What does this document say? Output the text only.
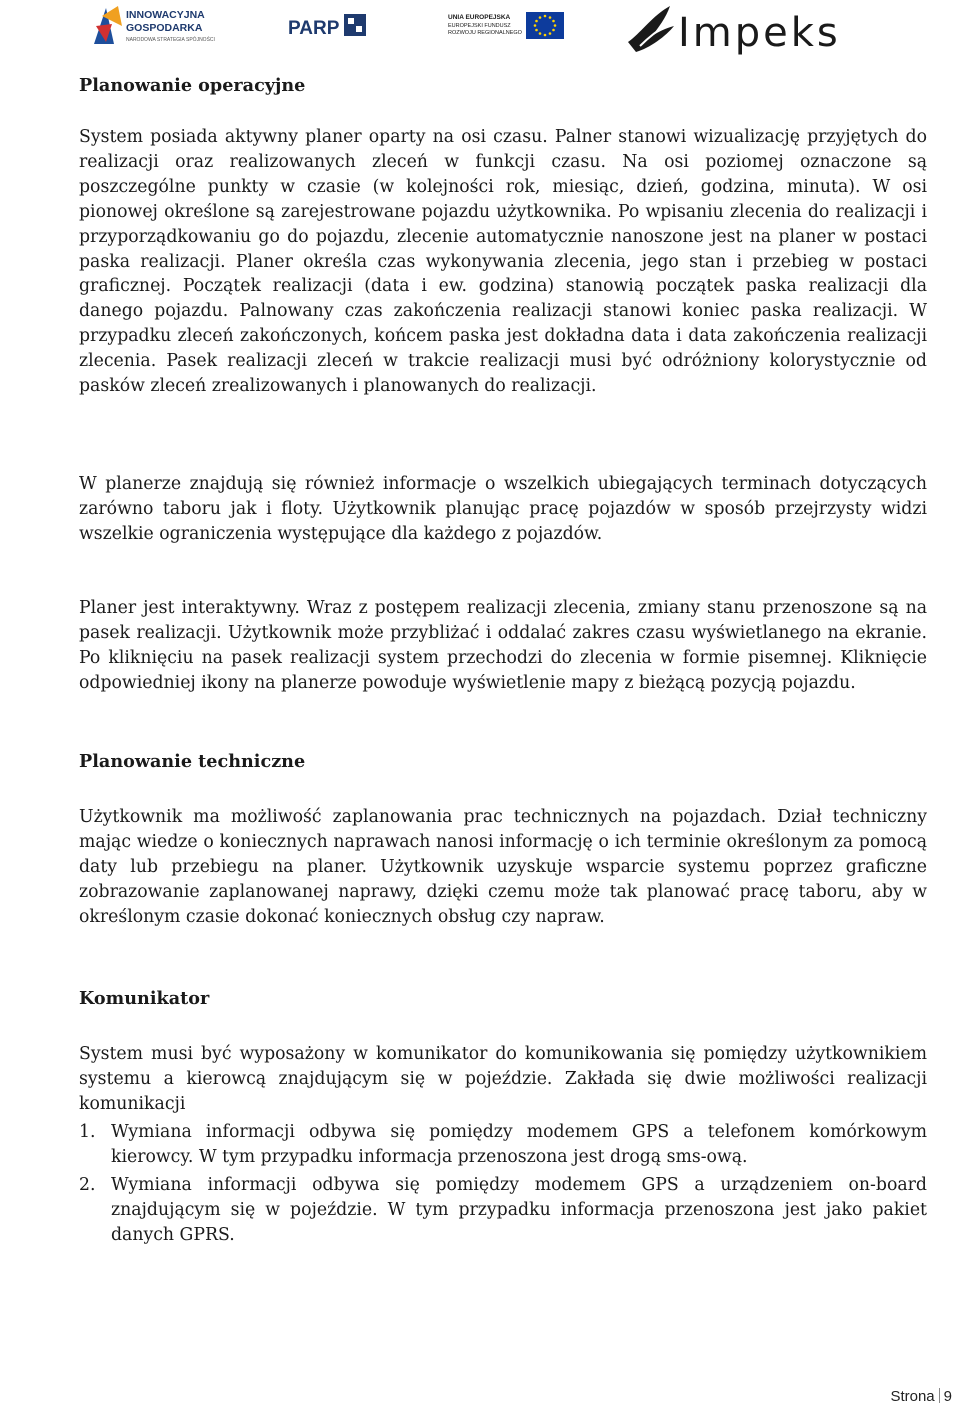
INNOWACYJNA
GOSPODARKA
NARODOWA STRATEGIA SPÓJNOŚCI
PARP
UNIA EUROPEJSKA
EUROPEJSKI FUNDUSZ
ROZWOJU REGIONALNEGO	Impeks
Planowanie operacyjne

System posiada aktywny planer oparty na osi czasu. Palner stanowi wizualizację przyjętych do realizacji oraz realizowanych zleceń w funkcji czasu. Na osi poziomej oznaczone są poszczególne punkty w czasie (w kolejności rok, miesiąc, dzień, godzina, minuta). W osi pionowej określone są zarejestrowane pojazdu użytkownika. Po wpisaniu zlecenia do realizacji i przyporządkowaniu go do pojazdu, zlecenie automatycznie nanoszone jest na planer w postaci paska realizacji. Planer określa czas wykonywania zlecenia, jego stan i przebieg w postaci graficznej. Początek realizacji (data i ew. godzina) stanowią początek paska realizacji dla danego pojazdu. Palnowany czas zakończenia realizacji stanowi koniec paska realizacji. W przypadku zleceń zakończonych, końcem paska jest dokładna data i data zakończenia realizacji zlecenia. Pasek realizacji zleceń w trakcie realizacji musi być odróżniony kolorystycznie od pasków zleceń zrealizowanych i planowanych do realizacji.

W planerze znajdują się również informacje o wszelkich ubiegających terminach dotyczących zarówno taboru jak i floty. Użytkownik planując pracę pojazdów w sposób przejrzysty widzi wszelkie ograniczenia występujące dla każdego z pojazdów.

Planer jest interaktywny. Wraz z postępem realizacji zlecenia, zmiany stanu przenoszone są na pasek realizacji. Użytkownik może przybliżać i oddalać zakres czasu wyświetlanego na ekranie. Po kliknięciu na pasek realizacji system przechodzi do zlecenia w formie pisemnej. Kliknięcie odpowiedniej ikony na planerze powoduje wyświetlenie mapy z bieżącą pozycją pojazdu.

Planowanie techniczne

Użytkownik ma możliwość zaplanowania prac technicznych na pojazdach. Dział techniczny mając wiedze o koniecznych naprawach nanosi informację o ich terminie określonym za pomocą daty lub przebiegu na planer. Użytkownik uzyskuje wsparcie systemu poprzez graficzne zobrazowanie zaplanowanej naprawy, dzięki czemu może tak planować pracę taboru, aby w określonym czasie dokonać koniecznych obsług czy napraw.

Komunikator

System musi być wyposażony w komunikator do komunikowania się pomiędzy użytkownikiem systemu a kierowcą znajdującym się w pojeździe. Zakłada się dwie możliwości realizacji komunikacji

1. Wymiana informacji odbywa się pomiędzy modemem GPS a telefonem komórkowym kierowcy. W tym przypadku informacja przenoszona jest drogą sms-ową.
2. Wymiana informacji odbywa się pomiędzy modemem GPS a urządzeniem on-board znajdującym się w pojeździe. W tym przypadku informacja przenoszona jest jako pakiet danych GPRS.
Strona 9
